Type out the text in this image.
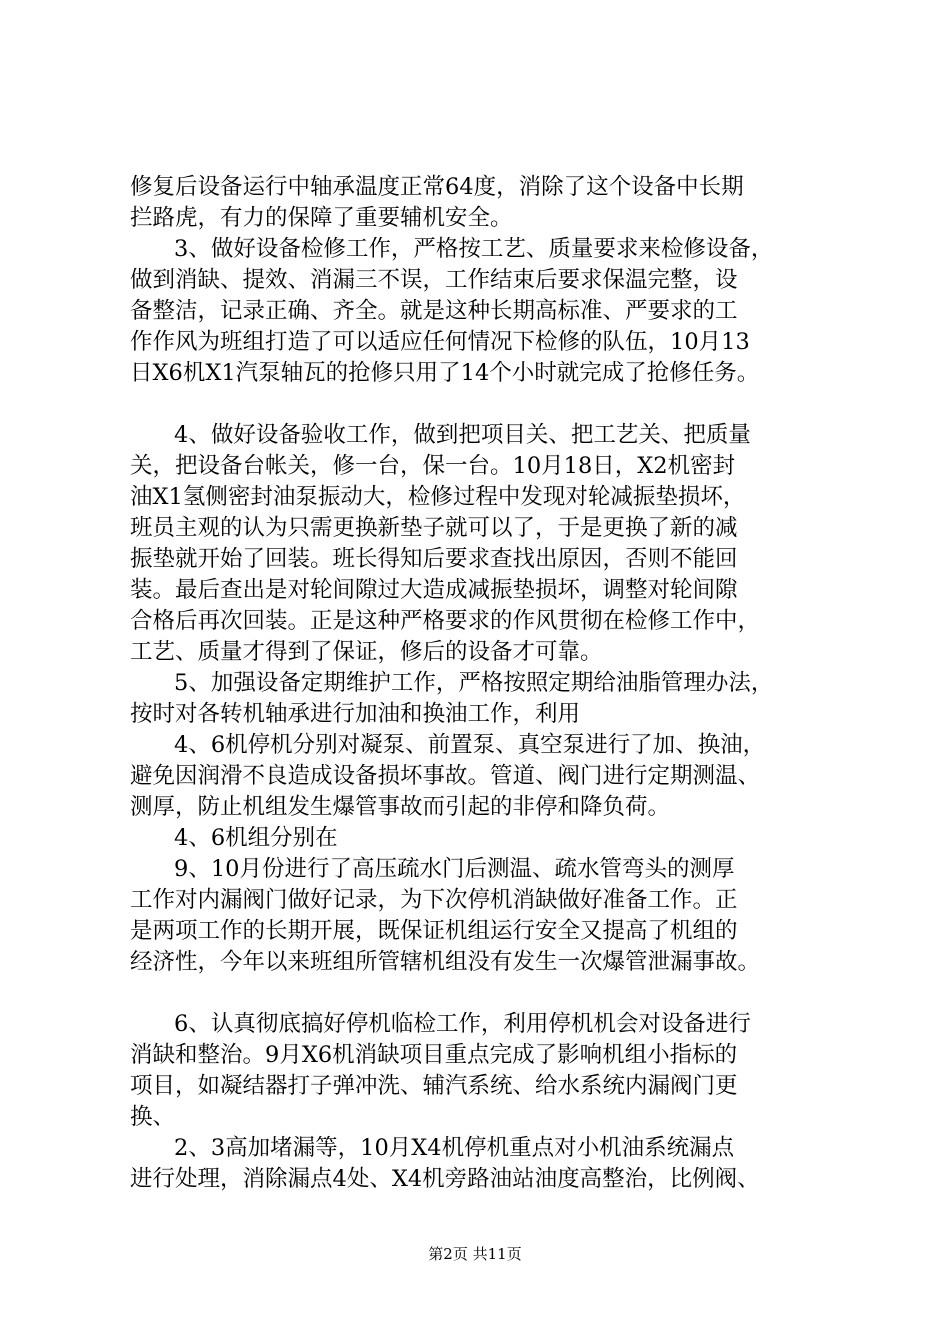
修复后设备运行中轴承温度正常64度，消除了这个设备中长期
拦路虎，有力的保障了重要辅机安全。
3、做好设备检修工作，严格按工艺、质量要求来检修设备，
做到消缺、提效、消漏三不误，工作结束后要求保温完整，设
备整洁，记录正确、齐全。就是这种长期高标准、严要求的工
作作风为班组打造了可以适应任何情况下检修的队伍，10月13
日X6机X1汽泵轴瓦的抢修只用了14个小时就完成了抢修任务。
4、做好设备验收工作，做到把项目关、把工艺关、把质量
关，把设备台帐关，修一台，保一台。10月18日，X2机密封
油X1氢侧密封油泵振动大，检修过程中发现对轮减振垫损坏，
班员主观的认为只需更换新垫子就可以了，于是更换了新的减
振垫就开始了回装。班长得知后要求查找出原因，否则不能回
装。最后查出是对轮间隙过大造成减振垫损坏，调整对轮间隙
合格后再次回装。正是这种严格要求的作风贯彻在检修工作中，
工艺、质量才得到了保证，修后的设备才可靠。
5、加强设备定期维护工作，严格按照定期给油脂管理办法，
按时对各转机轴承进行加油和换油工作，利用
4、6机停机分别对凝泵、前置泵、真空泵进行了加、换油，
避免因润滑不良造成设备损坏事故。管道、阀门进行定期测温、
测厚，防止机组发生爆管事故而引起的非停和降负荷。
4、6机组分别在
9、10月份进行了高压疏水门后测温、疏水管弯头的测厚
工作对内漏阀门做好记录，为下次停机消缺做好准备工作。正
是两项工作的长期开展，既保证机组运行安全又提高了机组的
经济性，今年以来班组所管辖机组没有发生一次爆管泄漏事故。
6、认真彻底搞好停机临检工作，利用停机机会对设备进行
消缺和整治。9月X6机消缺项目重点完成了影响机组小指标的
项目，如凝结器打子弹冲洗、辅汽系统、给水系统内漏阀门更
换、
2、3高加堵漏等，10月X4机停机重点对小机油系统漏点
进行处理，消除漏点4处、X4机旁路油站油度高整治，比例阀、
第2页 共11页
